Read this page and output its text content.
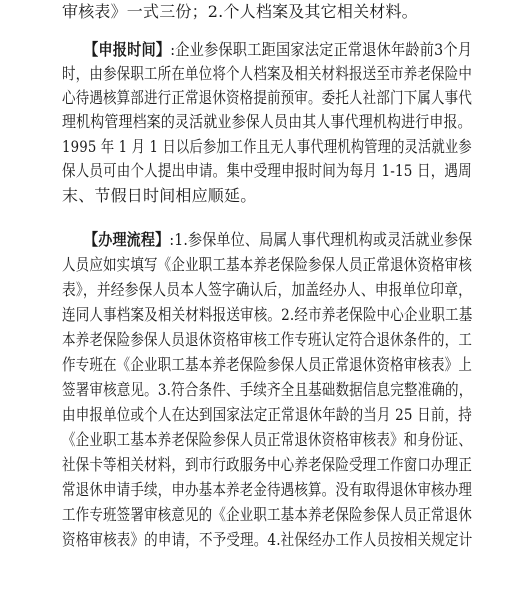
审核表》一式三份；2.个人档案及其它相关材料。
【申报时间】:企业参保职工距国家法定正常退休年龄前3个月
时，由参保职工所在单位将个人档案及相关材料报送至市养老保险中
心待遇核算部进行正常退休资格提前预审。委托人社部门下属人事代
理机构管理档案的灵活就业参保人员由其人事代理机构进行申报。
1995 年 1 月 1 日以后参加工作且无人事代理机构管理的灵活就业参
保人员可由个人提出申请。集中受理申报时间为每月 1-15 日，遇周
末、节假日时间相应顺延。
【办理流程】:1.参保单位、局属人事代理机构或灵活就业参保
人员应如实填写《企业职工基本养老保险参保人员正常退休资格审核
表》，并经参保人员本人签字确认后，加盖经办人、申报单位印章，
连同人事档案及相关材料报送审核。2.经市养老保险中心企业职工基
本养老保险参保人员退休资格审核工作专班认定符合退休条件的，工
作专班在《企业职工基本养老保险参保人员正常退休资格审核表》上
签署审核意见。3.符合条件、手续齐全且基础数据信息完整准确的，
由申报单位或个人在达到国家法定正常退休年龄的当月 25 日前，持
《企业职工基本养老保险参保人员正常退休资格审核表》和身份证、
社保卡等相关材料，到市行政服务中心养老保险受理工作窗口办理正
常退休申请手续，申办基本养老金待遇核算。没有取得退休审核办理
工作专班签署审核意见的《企业职工基本养老保险参保人员正常退休
资格审核表》的申请，不予受理。4.社保经办工作人员按相关规定计
